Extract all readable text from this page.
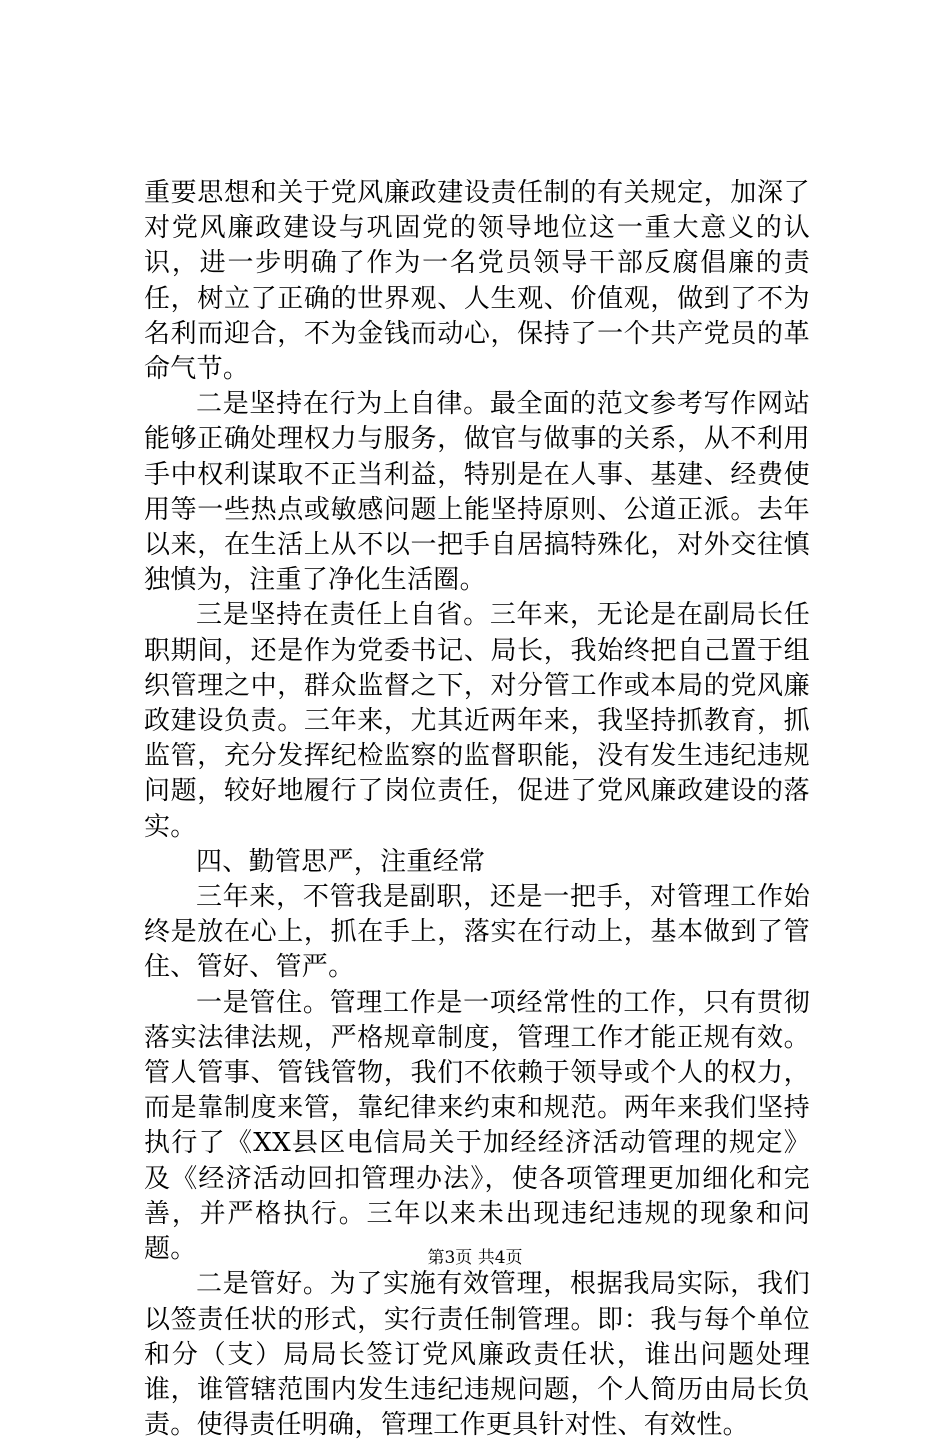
重要思想和关于党风廉政建设责任制的有关规定，加深了对党风廉政建设与巩固党的领导地位这一重大意义的认识，进一步明确了作为一名党员领导干部反腐倡廉的责任，树立了正确的世界观、人生观、价值观，做到了不为名利而迎合，不为金钱而动心，保持了一个共产党员的革命气节。

二是坚持在行为上自律。最全面的范文参考写作网站能够正确处理权力与服务，做官与做事的关系，从不利用手中权利谋取不正当利益，特别是在人事、基建、经费使用等一些热点或敏感问题上能坚持原则、公道正派。去年以来，在生活上从不以一把手自居搞特殊化，对外交往慎独慎为，注重了净化生活圈。

三是坚持在责任上自省。三年来，无论是在副局长任职期间，还是作为党委书记、局长，我始终把自己置于组织管理之中，群众监督之下，对分管工作或本局的党风廉政建设负责。三年来，尤其近两年来，我坚持抓教育，抓监管，充分发挥纪检监察的监督职能，没有发生违纪违规问题，较好地履行了岗位责任，促进了党风廉政建设的落实。

四、勤管思严，注重经常

三年来，不管我是副职，还是一把手，对管理工作始终是放在心上，抓在手上，落实在行动上，基本做到了管住、管好、管严。

一是管住。管理工作是一项经常性的工作，只有贯彻落实法律法规，严格规章制度，管理工作才能正规有效。管人管事、管钱管物，我们不依赖于领导或个人的权力，而是靠制度来管，靠纪律来约束和规范。两年来我们坚持执行了《XX县区电信局关于加经经济活动管理的规定》及《经济活动回扣管理办法》，使各项管理更加细化和完善，并严格执行。三年以来未出现违纪违规的现象和问题。

二是管好。为了实施有效管理，根据我局实际，我们以签责任状的形式，实行责任制管理。即：我与每个单位和分（支）局局长签订党风廉政责任状，谁出问题处理谁，谁管辖范围内发生违纪违规问题，个人简历由局长负责。使得责任明确，管理工作更具针对性、有效性。

第3页 共4页
